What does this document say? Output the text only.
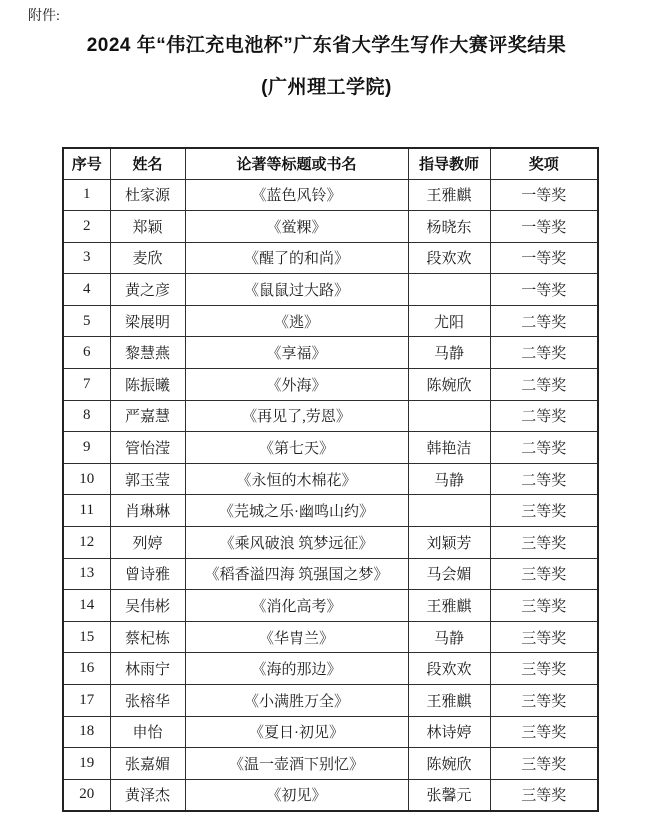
附件:
2024 年“伟江充电池杯”广东省大学生写作大赛评奖结果
(广州理工学院)
序号	姓名	论著等标题或书名	指导教师	奖项
1	杜家源	《蓝色风铃》	王雅麒	一等奖
2	郑颖	《鲎粿》	杨晓东	一等奖
3	麦欣	《醒了的和尚》	段欢欢	一等奖
4	黄之彦	《鼠鼠过大路》		一等奖
5	梁展明	《逃》	尤阳	二等奖
6	黎慧燕	《享福》	马静	二等奖
7	陈振曦	《外海》	陈婉欣	二等奖
8	严嘉慧	《再见了,劳恩》		二等奖
9	管怡滢	《第七天》	韩艳洁	二等奖
10	郭玉莹	《永恒的木棉花》	马静	二等奖
11	肖琳琳	《芫城之乐·幽鸣山约》		三等奖
12	列婷	《乘风破浪 筑梦远征》	刘颖芳	三等奖
13	曾诗雅	《稻香溢四海 筑强国之梦》	马会媚	三等奖
14	吴伟彬	《消化高考》	王雅麒	三等奖
15	蔡杞栋	《华胄兰》	马静	三等奖
16	林雨宁	《海的那边》	段欢欢	三等奖
17	张榕华	《小满胜万全》	王雅麒	三等奖
18	申怡	《夏日·初见》	林诗婷	三等奖
19	张嘉媚	《温一壶酒下别忆》	陈婉欣	三等奖
20	黄泽杰	《初见》	张馨元	三等奖
